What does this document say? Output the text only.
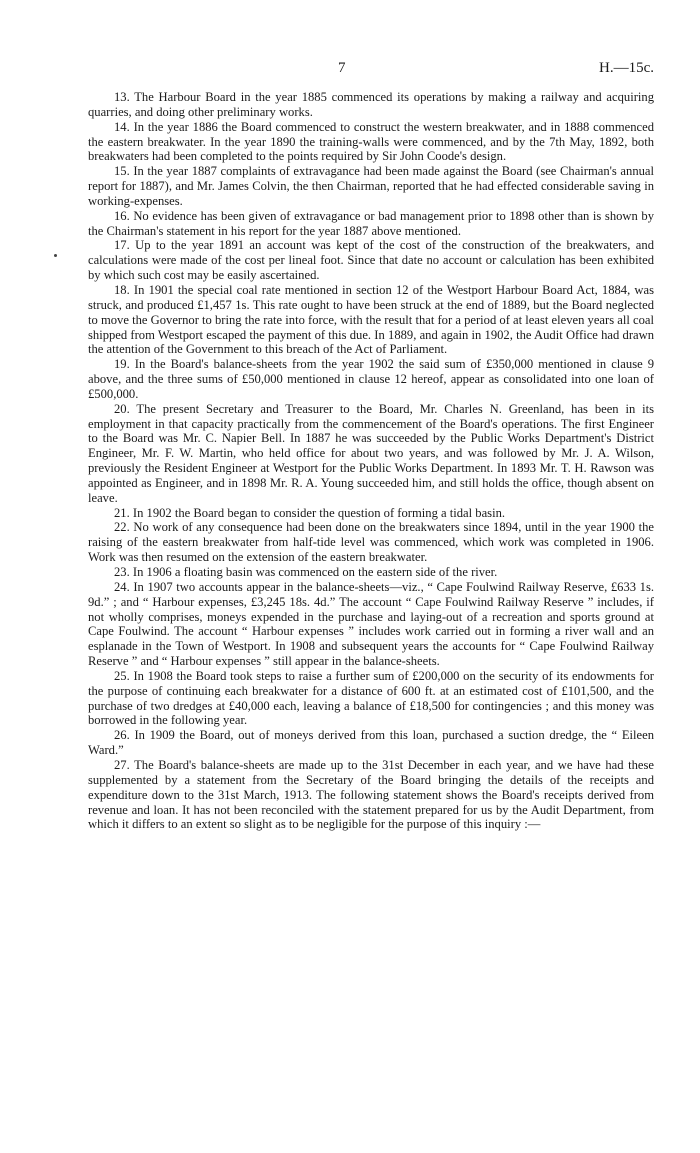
7	H.—15c.

13. The Harbour Board in the year 1885 commenced its operations by making a railway and acquiring quarries, and doing other preliminary works.

14. In the year 1886 the Board commenced to construct the western breakwater, and in 1888 commenced the eastern breakwater. In the year 1890 the training-walls were commenced, and by the 7th May, 1892, both breakwaters had been completed to the points required by Sir John Coode's design.

15. In the year 1887 complaints of extravagance had been made against the Board (see Chairman's annual report for 1887), and Mr. James Colvin, the then Chairman, reported that he had effected considerable saving in working-expenses.

16. No evidence has been given of extravagance or bad management prior to 1898 other than is shown by the Chairman's statement in his report for the year 1887 above mentioned.

17. Up to the year 1891 an account was kept of the cost of the construction of the breakwaters, and calculations were made of the cost per lineal foot. Since that date no account or calculation has been exhibited by which such cost may be easily ascertained.

18. In 1901 the special coal rate mentioned in section 12 of the Westport Harbour Board Act, 1884, was struck, and produced £1,457 1s. This rate ought to have been struck at the end of 1889, but the Board neglected to move the Governor to bring the rate into force, with the result that for a period of at least eleven years all coal shipped from Westport escaped the payment of this due. In 1889, and again in 1902, the Audit Office had drawn the attention of the Government to this breach of the Act of Parliament.

19. In the Board's balance-sheets from the year 1902 the said sum of £350,000 mentioned in clause 9 above, and the three sums of £50,000 mentioned in clause 12 hereof, appear as consolidated into one loan of £500,000.

20. The present Secretary and Treasurer to the Board, Mr. Charles N. Greenland, has been in its employment in that capacity practically from the commencement of the Board's operations. The first Engineer to the Board was Mr. C. Napier Bell. In 1887 he was succeeded by the Public Works Department's District Engineer, Mr. F. W. Martin, who held office for about two years, and was followed by Mr. J. A. Wilson, previously the Resident Engineer at Westport for the Public Works Department. In 1893 Mr. T. H. Rawson was appointed as Engineer, and in 1898 Mr. R. A. Young succeeded him, and still holds the office, though absent on leave.

21. In 1902 the Board began to consider the question of forming a tidal basin.

22. No work of any consequence had been done on the breakwaters since 1894, until in the year 1900 the raising of the eastern breakwater from half-tide level was commenced, which work was completed in 1906. Work was then resumed on the extension of the eastern breakwater.

23. In 1906 a floating basin was commenced on the eastern side of the river.

24. In 1907 two accounts appear in the balance-sheets—viz., “ Cape Foulwind Railway Reserve, £633 1s. 9d.” ; and “ Harbour expenses, £3,245 18s. 4d.” The account “ Cape Foulwind Railway Reserve ” includes, if not wholly comprises, moneys expended in the purchase and laying-out of a recreation and sports ground at Cape Foulwind. The account “ Harbour expenses ” includes work carried out in forming a river wall and an esplanade in the Town of Westport. In 1908 and subsequent years the accounts for “ Cape Foulwind Railway Reserve ” and “ Harbour expenses ” still appear in the balance-sheets.

25. In 1908 the Board took steps to raise a further sum of £200,000 on the security of its endowments for the purpose of continuing each breakwater for a distance of 600 ft. at an estimated cost of £101,500, and the purchase of two dredges at £40,000 each, leaving a balance of £18,500 for contingencies ; and this money was borrowed in the following year.

26. In 1909 the Board, out of moneys derived from this loan, purchased a suction dredge, the “ Eileen Ward.”

27. The Board's balance-sheets are made up to the 31st December in each year, and we have had these supplemented by a statement from the Secretary of the Board bringing the details of the receipts and expenditure down to the 31st March, 1913. The following statement shows the Board's receipts derived from revenue and loan. It has not been reconciled with the statement prepared for us by the Audit Department, from which it differs to an extent so slight as to be negligible for the purpose of this inquiry :—
